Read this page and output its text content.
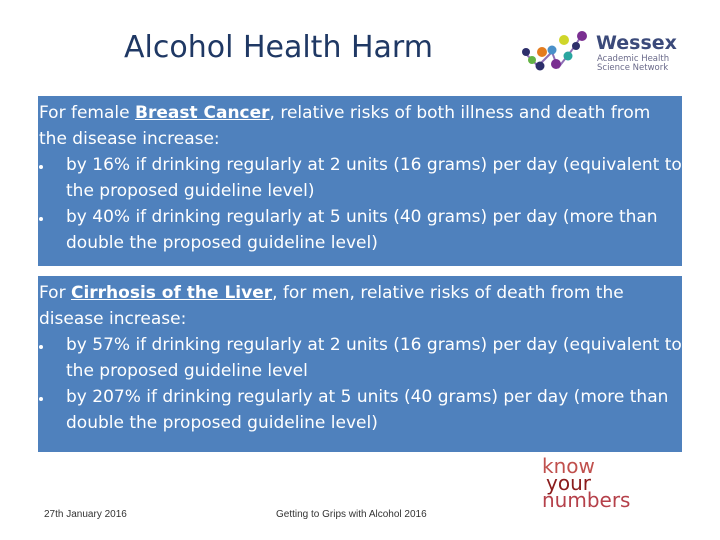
Alcohol Health Harm	Wessex
Academic Health
Science Network
For female Breast Cancer, relative risks of both illness and death from the disease increase:
by 16% if drinking regularly at 2 units (16 grams) per day (equivalent to the proposed guideline level)
by 40% if drinking regularly at 5 units (40 grams) per day (more than double the proposed guideline level)
For Cirrhosis of the Liver, for men, relative risks of death from the disease increase:
by 57% if drinking regularly at 2 units (16 grams) per day (equivalent to the proposed guideline level
by 207% if drinking regularly at 5 units (40 grams) per day (more than double the proposed guideline level)
27th January 2016	Getting to Grips with Alcohol 2016
know
your
numbers
